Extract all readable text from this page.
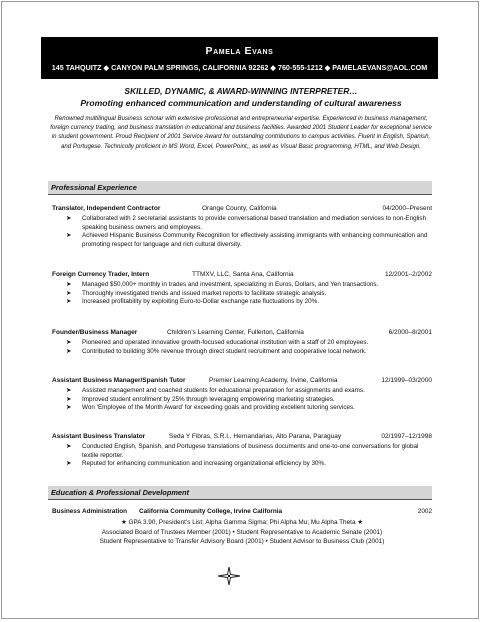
Pamela Evans
145 TAHQUITZ ◆ CANYON PALM SPRINGS, CALIFORNIA 92262 ◆ 760-555-1212 ◆ PAMELAEVANS@AOL.COM
SKILLED, DYNAMIC, & AWARD-WINNING INTERPRETER…
Promoting enhanced communication and understanding of cultural awareness
Renowned multilingual Business scholar with extensive professional and entrepreneurial expertise. Experienced in business management, foreign currency trading, and business translation in educational and business facilities. Awarded 2001 Student Leader for exceptional service in student government. Proud Recipient of 2001 Service Award for outstanding contributions to campus activities. Fluent in English, Spanish, and Portugese. Technicolly proficient in MS Word, Excel, PowerPoint,, as well as Visual Basic programming, HTML, and Web Design.
Professional Experience
Translator, Independent Contractor	Orange County, California	04/2000–Present
➤ Collaborated with 2 secretarial assistants to provide conversational based translation and mediation services to non-English speaking business owners and employees.
➤ Achieved Hispanic Business Community Recognition for effectively assisting immigrants with enhancing communication and promoting respect for language and rich cultural diversity.
Foreign Currency Trader, Intern	TTMXV, LLC, Santa Ana, California	12/2001–2/2002
➤ Managed $50,000+ monthly in trades and investment, specializing in Euros, Dollars, and Yen transactions.
➤ Thoroughly investigated trends and issued market reports to facilitate strategic analysis.
➤ Increased profitability by exploiting Euro-to-Dollar exchange rate fluctuations by 20%.
Founder/Business Manager	Children’s Learning Center, Fullerton, California	6/2000–8/2001
➤ Pioneered and operated innovative growth-focused educational institution with a staff of 20 employees.
➤ Contributed to building 30% revenue through direct student recruitment and cooperative local network.
Assistant Business Manager/Spanish Tutor	Premier Learning Academy, Irvine, California	12/1999–03/2000
➤ Assisted management and coached students for educational preparation for assignments and exams.
➤ Improved student enrollment by 25% through leveraging empowering marketing strategies.
➤ Won ‘Employee of the Month Award’ for exceeding goals and providing excellent tutoring services.
Assistant Business Translator	Seda Y Fibras, S.R.I., Hernandarias, Alto Parana, Paraguay	02/1997–12/1998
➤ Conducted English, Spanish, and Portugese translations of business documents and one-to-one conversations for global textile reporter.
➤ Reputed for enhancing communication and increasing organizational efficiency by 30%.
Education & Professional Development
Business Administration California Community College, Irvine California	2002
★ GPA 3.90, President’s List; Alpha Gamma Sigma; Phi Alpha Mu; Mu Alpha Theta ★
Associated Board of Trustees Member (2001) • Student Representative to Academic Senate (2001)
Student Representative to Transfer Advisory Board (2001) • Student Advisor to Business Club (2001)
